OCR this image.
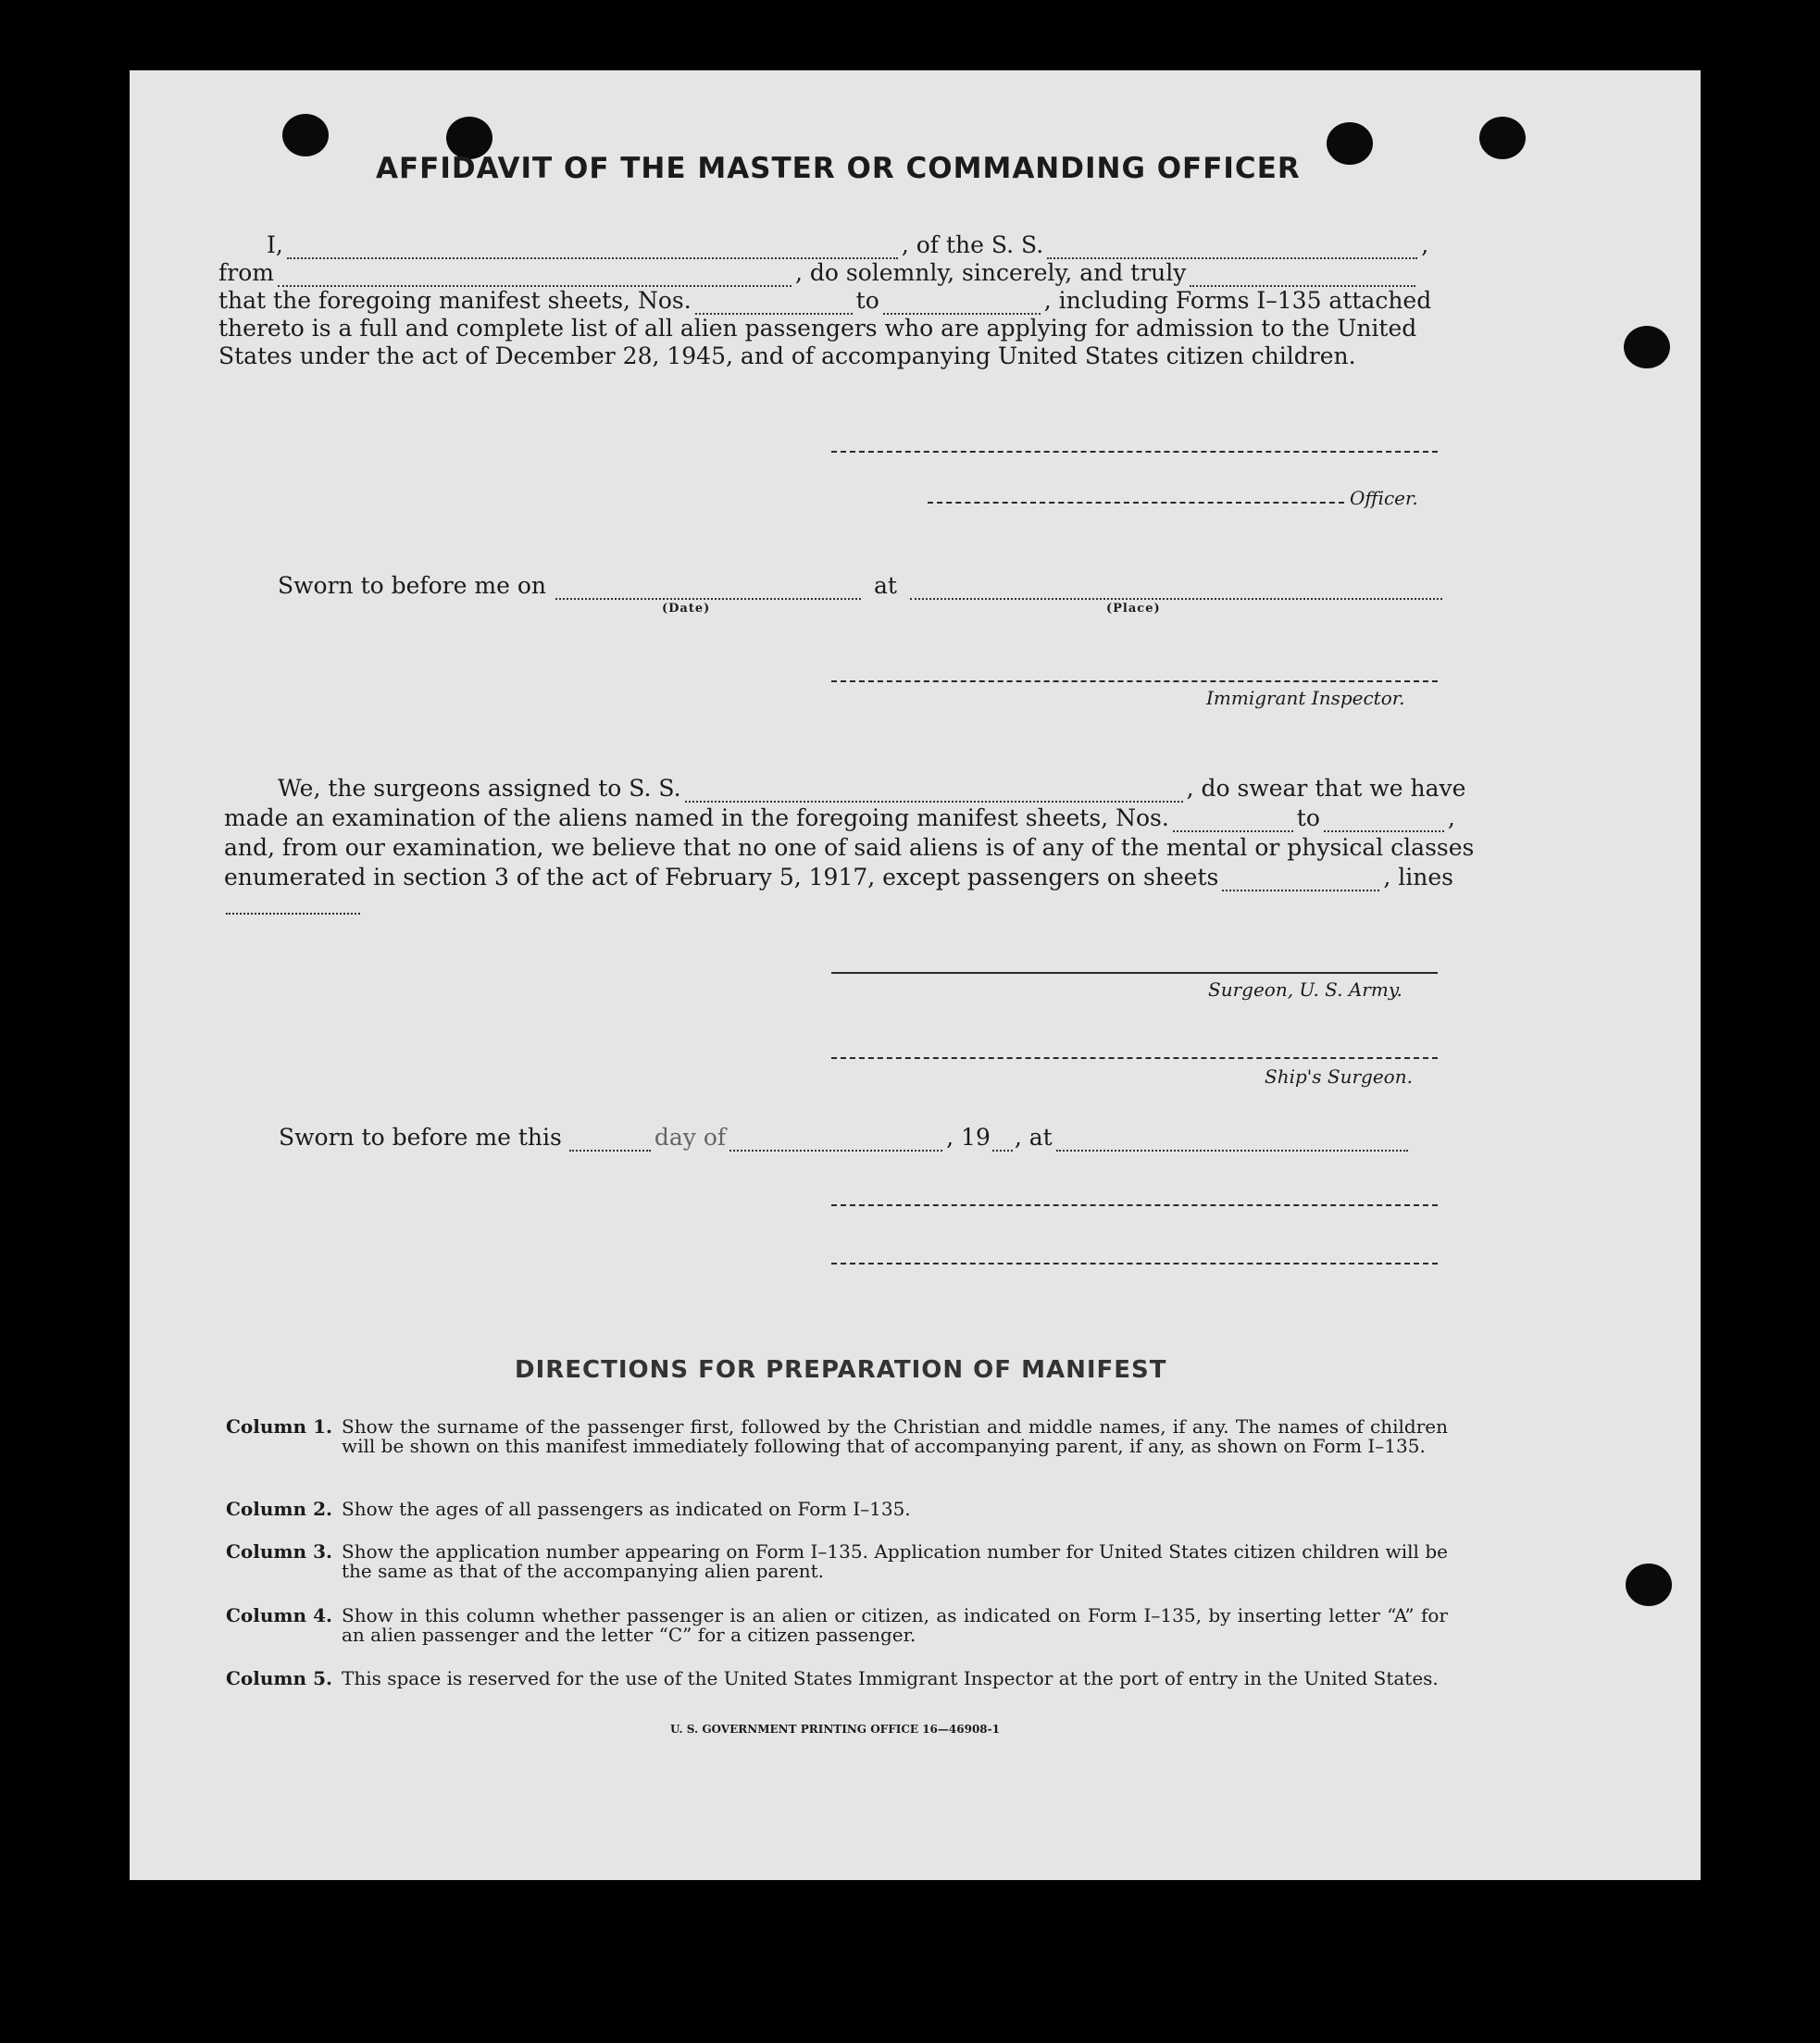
AFFIDAVIT OF THE MASTER OR COMMANDING OFFICER
I,	, of the S. S.	,
from	, do solemnly, sincerely, and truly
that the foregoing manifest sheets, Nos.	to	, including Forms I–135 attached
thereto is a full and complete list of all alien passengers who are applying for admission to the United
States under the act of December 28, 1945, and of accompanying United States citizen children.
Officer.
Sworn to before me on	at
(Date)	(Place)
Immigrant Inspector.
We, the surgeons assigned to S. S.	, do swear that we have
made an examination of the aliens named in the foregoing manifest sheets, Nos.	to	,
and, from our examination, we believe that no one of said aliens is of any of the mental or physical classes
enumerated in section 3 of the act of February 5, 1917, except passengers on sheets	, lines
Surgeon, U. S. Army.
Ship's Surgeon.
Sworn to before me this	day of	, 19 , at
DIRECTIONS FOR PREPARATION OF MANIFEST
Column 1. Show the surname of the passenger first, followed by the Christian and middle names, if any. The names of children will be shown on this manifest immediately following that of accompanying parent, if any, as shown on Form I–135.
Column 2. Show the ages of all passengers as indicated on Form I–135.
Column 3. Show the application number appearing on Form I–135. Application number for United States citizen children will be the same as that of the accompanying alien parent.
Column 4. Show in this column whether passenger is an alien or citizen, as indicated on Form I–135, by inserting letter “A” for an alien passenger and the letter “C” for a citizen passenger.
Column 5. This space is reserved for the use of the United States Immigrant Inspector at the port of entry in the United States.
U. S. GOVERNMENT PRINTING OFFICE 16—46908-1
